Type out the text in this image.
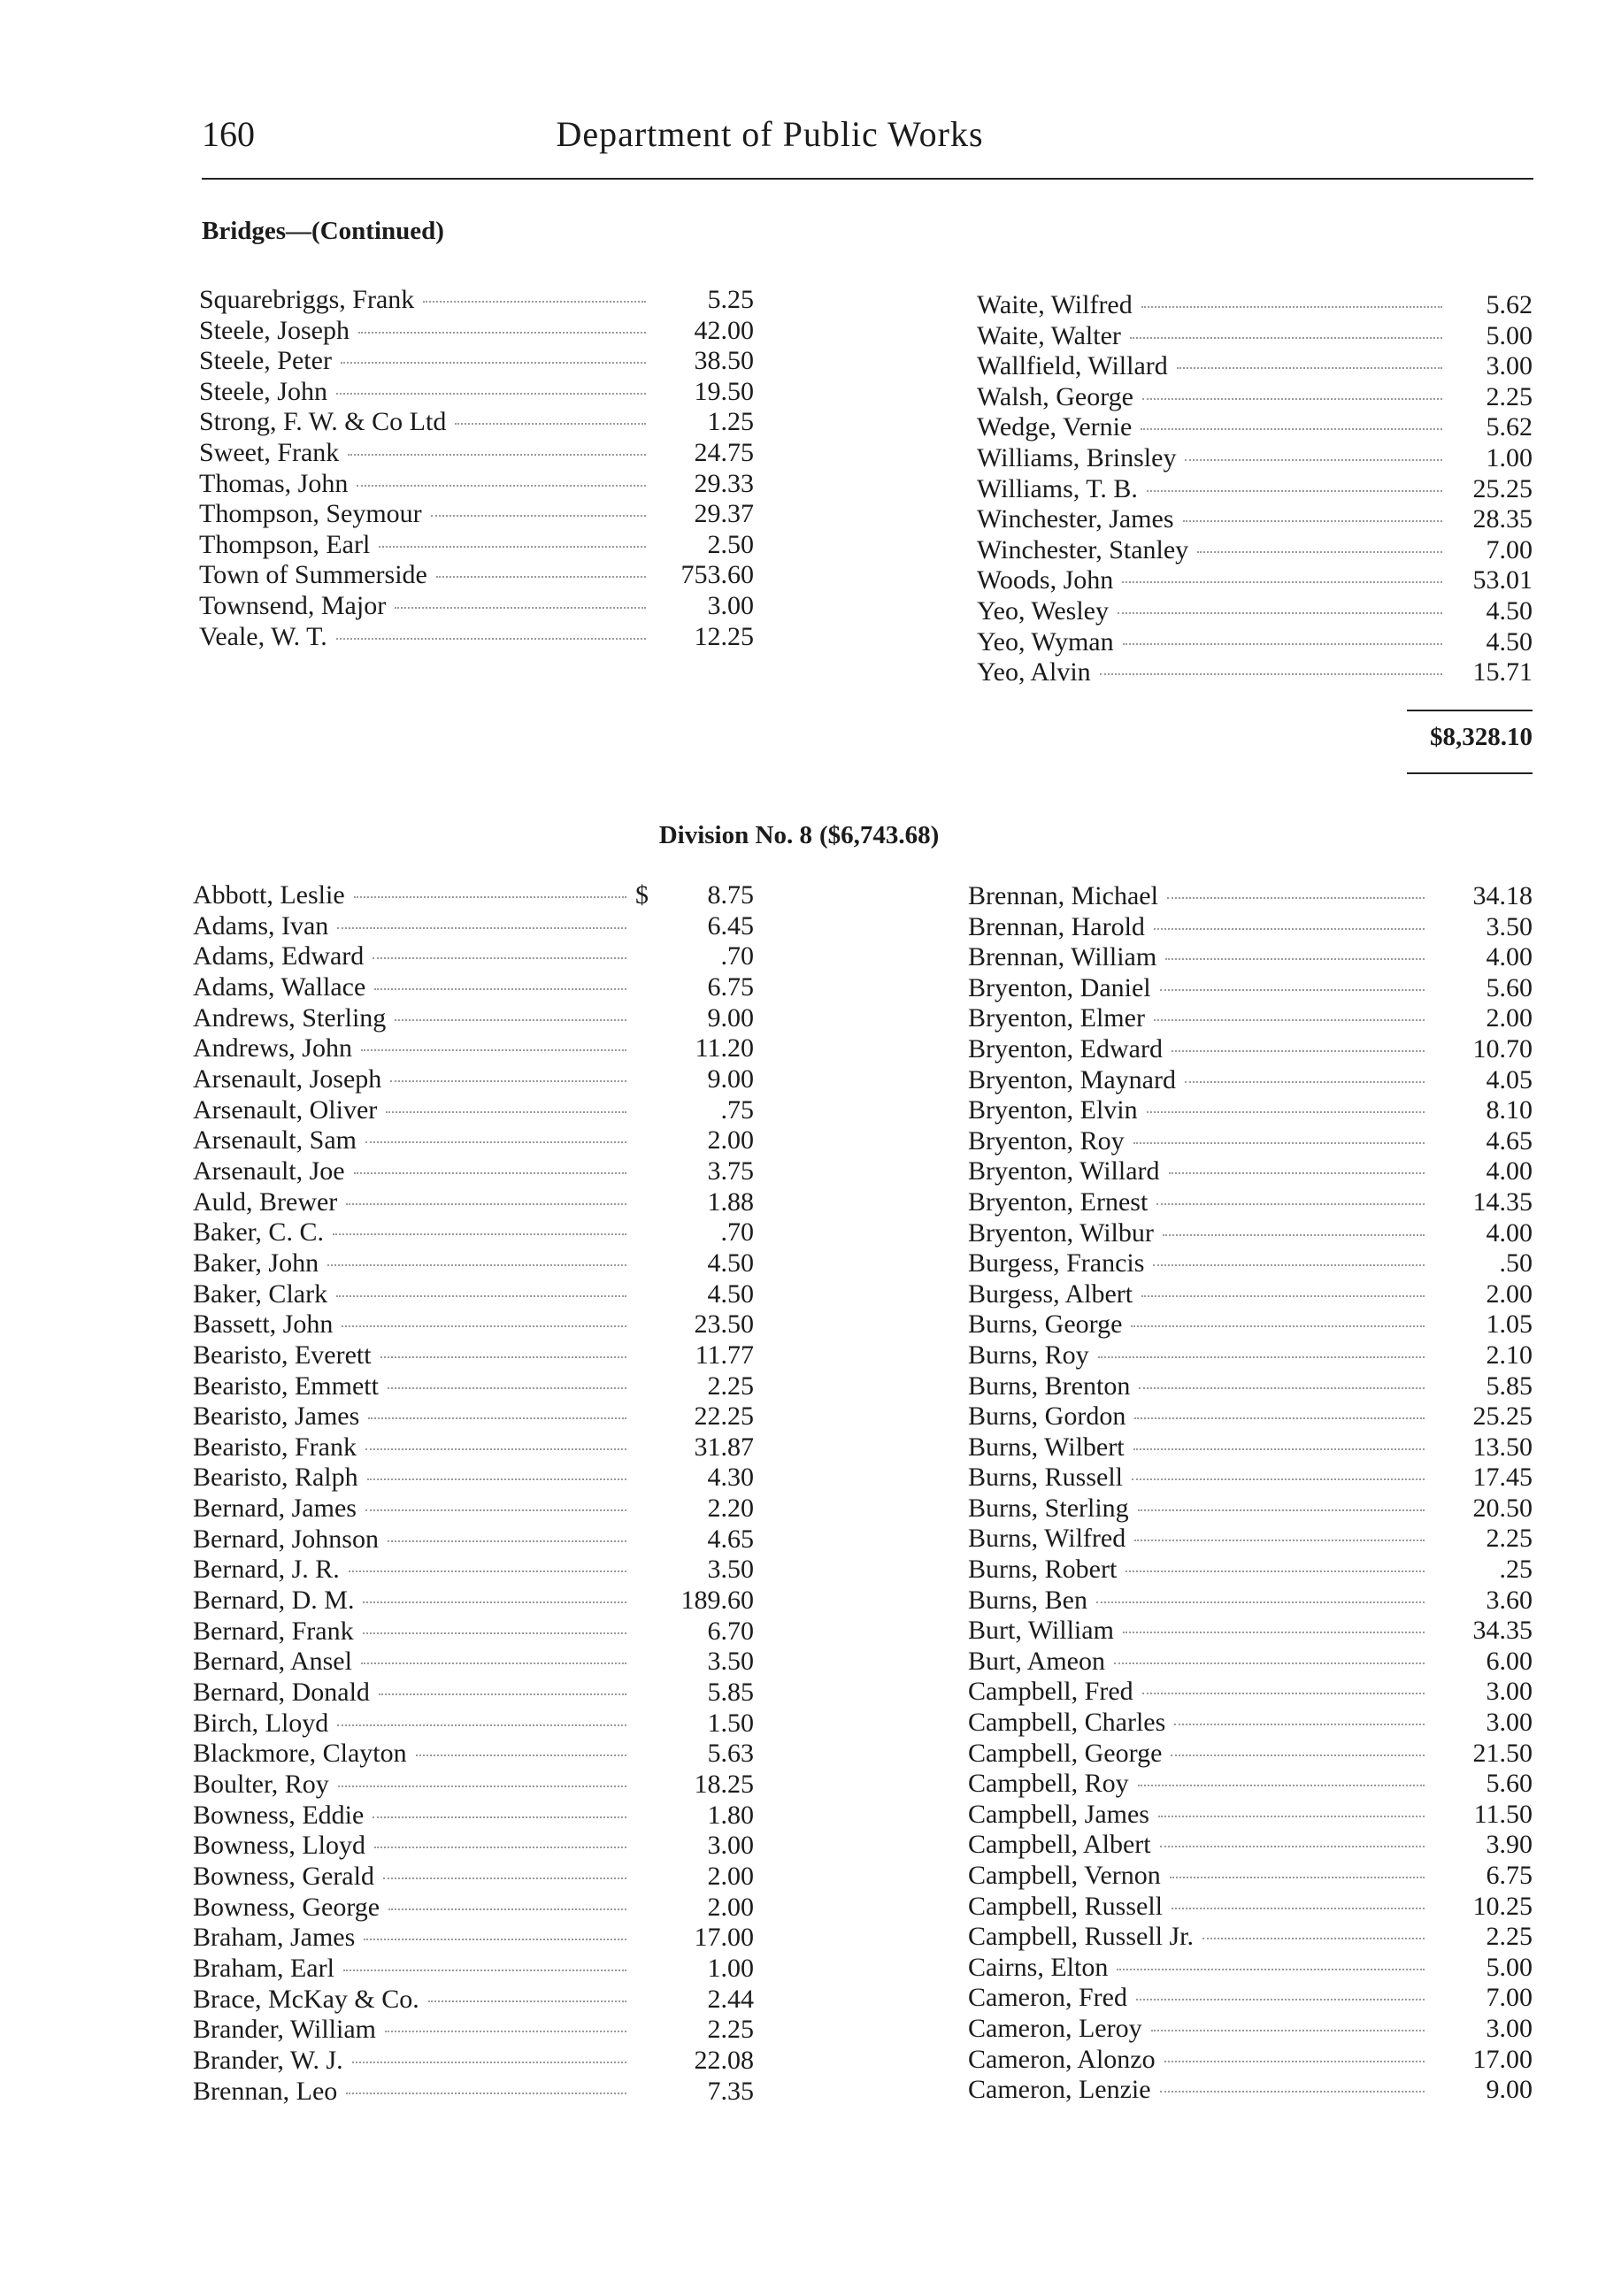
160	Department of Public Works
Bridges—(Continued)
Squarebriggs, Frank	5.25
Steele, Joseph	42.00
Steele, Peter	38.50
Steele, John	19.50
Strong, F. W. & Co Ltd	1.25
Sweet, Frank	24.75
Thomas, John	29.33
Thompson, Seymour	29.37
Thompson, Earl	2.50
Town of Summerside	753.60
Townsend, Major	3.00
Veale, W. T.	12.25
Waite, Wilfred	5.62
Waite, Walter	5.00
Wallfield, Willard	3.00
Walsh, George	2.25
Wedge, Vernie	5.62
Williams, Brinsley	1.00
Williams, T. B.	25.25
Winchester, James	28.35
Winchester, Stanley	7.00
Woods, John	53.01
Yeo, Wesley	4.50
Yeo, Wyman	4.50
Yeo, Alvin	15.71
$8,328.10
Division No. 8 ($6,743.68)
Abbott, Leslie	$	8.75
Adams, Ivan	6.45
Adams, Edward	.70
Adams, Wallace	6.75
Andrews, Sterling	9.00
Andrews, John	11.20
Arsenault, Joseph	9.00
Arsenault, Oliver	.75
Arsenault, Sam	2.00
Arsenault, Joe	3.75
Auld, Brewer	1.88
Baker, C. C.	.70
Baker, John	4.50
Baker, Clark	4.50
Bassett, John	23.50
Bearisto, Everett	11.77
Bearisto, Emmett	2.25
Bearisto, James	22.25
Bearisto, Frank	31.87
Bearisto, Ralph	4.30
Bernard, James	2.20
Bernard, Johnson	4.65
Bernard, J. R.	3.50
Bernard, D. M.	189.60
Bernard, Frank	6.70
Bernard, Ansel	3.50
Bernard, Donald	5.85
Birch, Lloyd	1.50
Blackmore, Clayton	5.63
Boulter, Roy	18.25
Bowness, Eddie	1.80
Bowness, Lloyd	3.00
Bowness, Gerald	2.00
Bowness, George	2.00
Braham, James	17.00
Braham, Earl	1.00
Brace, McKay & Co.	2.44
Brander, William	2.25
Brander, W. J.	22.08
Brennan, Leo	7.35
Brennan, Michael	34.18
Brennan, Harold	3.50
Brennan, William	4.00
Bryenton, Daniel	5.60
Bryenton, Elmer	2.00
Bryenton, Edward	10.70
Bryenton, Maynard	4.05
Bryenton, Elvin	8.10
Bryenton, Roy	4.65
Bryenton, Willard	4.00
Bryenton, Ernest	14.35
Bryenton, Wilbur	4.00
Burgess, Francis	.50
Burgess, Albert	2.00
Burns, George	1.05
Burns, Roy	2.10
Burns, Brenton	5.85
Burns, Gordon	25.25
Burns, Wilbert	13.50
Burns, Russell	17.45
Burns, Sterling	20.50
Burns, Wilfred	2.25
Burns, Robert	.25
Burns, Ben	3.60
Burt, William	34.35
Burt, Ameon	6.00
Campbell, Fred	3.00
Campbell, Charles	3.00
Campbell, George	21.50
Campbell, Roy	5.60
Campbell, James	11.50
Campbell, Albert	3.90
Campbell, Vernon	6.75
Campbell, Russell	10.25
Campbell, Russell Jr.	2.25
Cairns, Elton	5.00
Cameron, Fred	7.00
Cameron, Leroy	3.00
Cameron, Alonzo	17.00
Cameron, Lenzie	9.00
